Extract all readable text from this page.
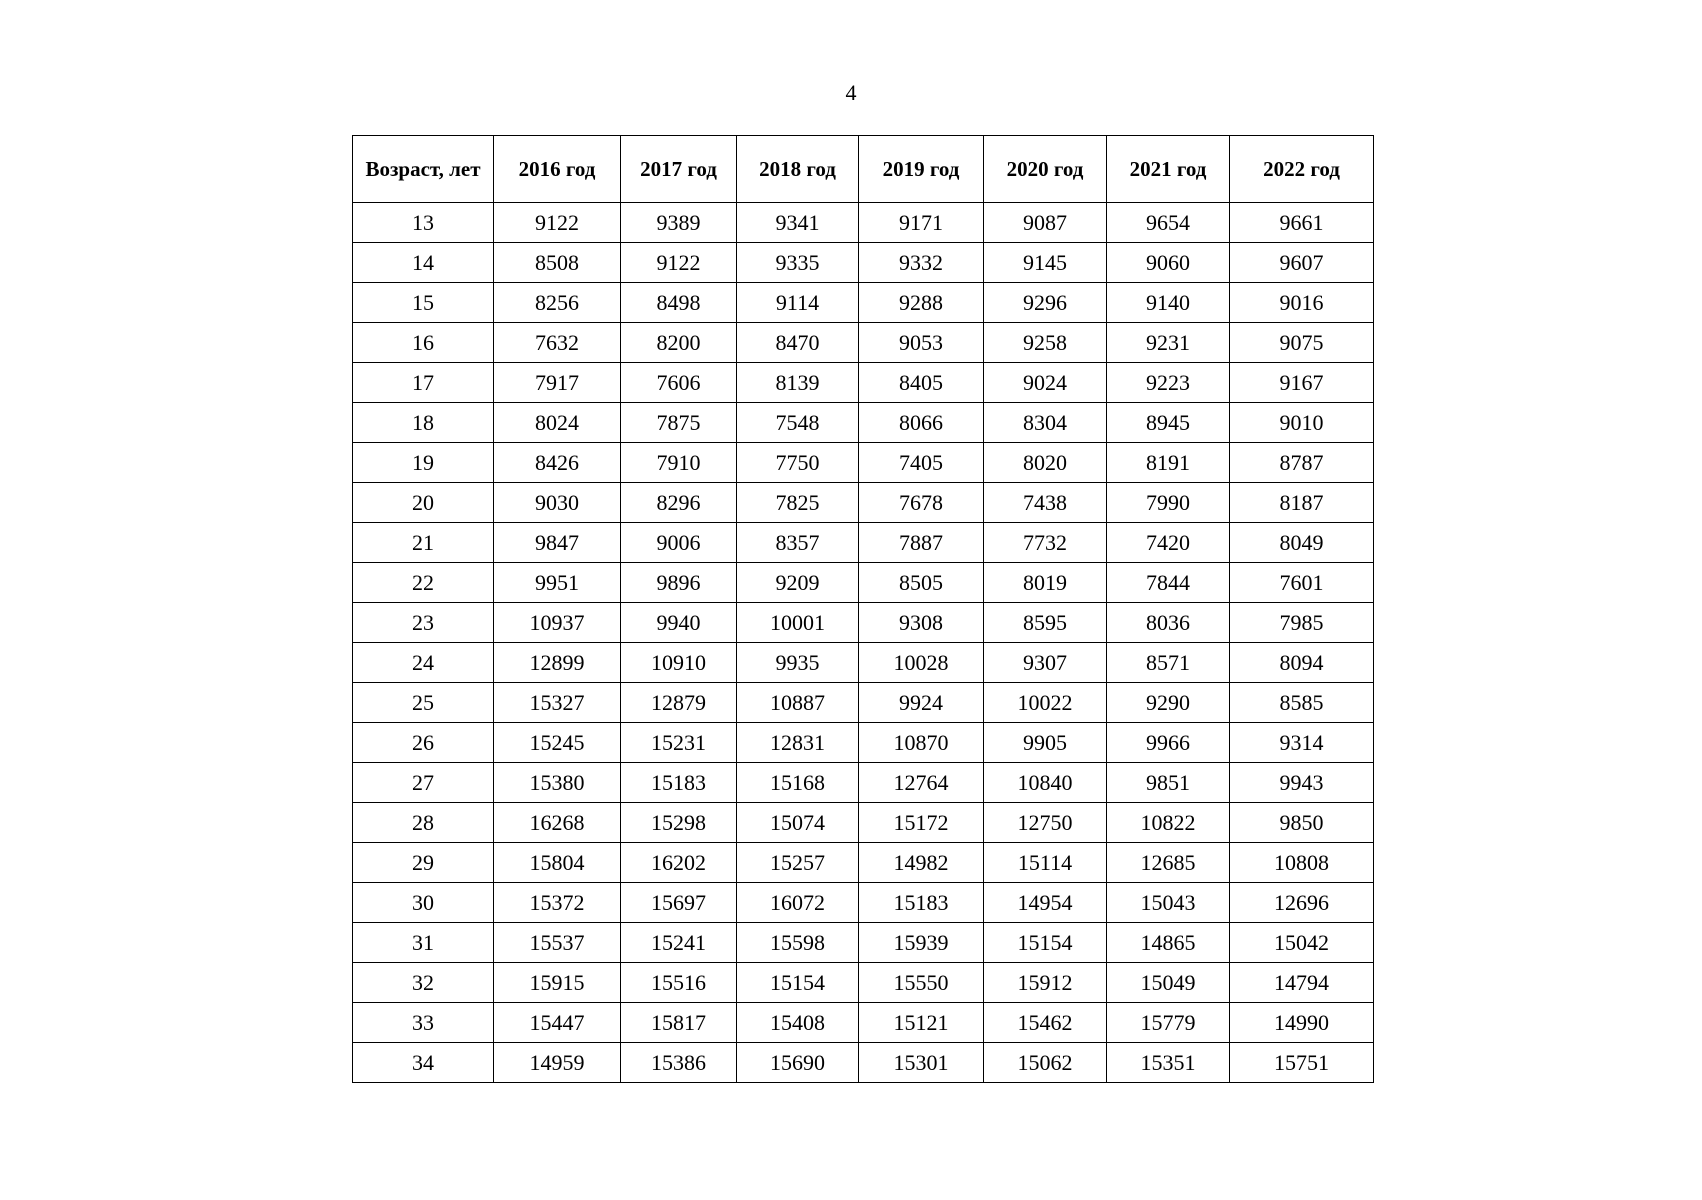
4
Возраст, лет	2016 год	2017 год	2018 год	2019 год	2020 год	2021 год	2022 год
13	9122	9389	9341	9171	9087	9654	9661
14	8508	9122	9335	9332	9145	9060	9607
15	8256	8498	9114	9288	9296	9140	9016
16	7632	8200	8470	9053	9258	9231	9075
17	7917	7606	8139	8405	9024	9223	9167
18	8024	7875	7548	8066	8304	8945	9010
19	8426	7910	7750	7405	8020	8191	8787
20	9030	8296	7825	7678	7438	7990	8187
21	9847	9006	8357	7887	7732	7420	8049
22	9951	9896	9209	8505	8019	7844	7601
23	10937	9940	10001	9308	8595	8036	7985
24	12899	10910	9935	10028	9307	8571	8094
25	15327	12879	10887	9924	10022	9290	8585
26	15245	15231	12831	10870	9905	9966	9314
27	15380	15183	15168	12764	10840	9851	9943
28	16268	15298	15074	15172	12750	10822	9850
29	15804	16202	15257	14982	15114	12685	10808
30	15372	15697	16072	15183	14954	15043	12696
31	15537	15241	15598	15939	15154	14865	15042
32	15915	15516	15154	15550	15912	15049	14794
33	15447	15817	15408	15121	15462	15779	14990
34	14959	15386	15690	15301	15062	15351	15751
